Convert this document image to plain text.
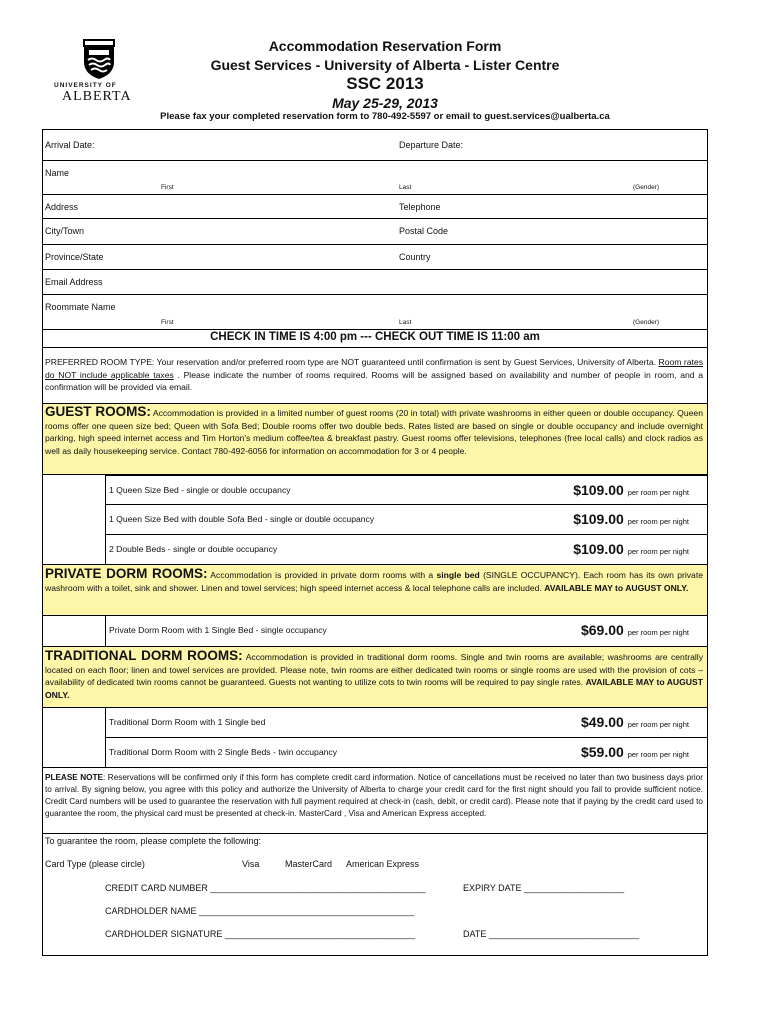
UNIVERSITY OF
ALBERTA
Accommodation Reservation Form
Guest Services - University of Alberta - Lister Centre
SSC 2013
May 25-29, 2013
Please fax your completed reservation form to 780-492-5597 or email to guest.services@ualberta.ca
Arrival Date:	Departure Date:
Name
First	Last	(Gender)
Address	Telephone
City/Town	Postal Code
Province/State	Country
Email Address
Roommate Name
First	Last	(Gender)
CHECK IN TIME IS 4:00 pm --- CHECK OUT TIME IS 11:00 am
PREFERRED ROOM TYPE: Your reservation and/or preferred room type are NOT guaranteed until confirmation is sent by Guest Services, University of Alberta. Room rates do NOT include applicable taxes . Please indicate the number of rooms required. Rooms will be assigned based on availability and number of people in room, and a confirmation will be provided via email.
GUEST ROOMS: Accommodation is provided in a limited number of guest rooms (20 in total) with private washrooms in either queen or double occupancy. Queen rooms offer one queen size bed; Queen with Sofa Bed; Double rooms offer two double beds. Rates listed are based on single or double occupancy and include overnight parking, high speed internet access and Tim Horton's medium coffee/tea & breakfast pastry. Guest rooms offer televisions, telephones (free local calls) and clock radios as well as daily housekeeping service. Contact 780-492-6056 for information on accommodation for 3 or 4 people.
1 Queen Size Bed - single or double occupancy	$109.00 per room per night
1 Queen Size Bed with double Sofa Bed - single or double occupancy	$109.00 per room per night
2 Double Beds - single or double occupancy	$109.00 per room per night
PRIVATE DORM ROOMS: Accommodation is provided in private dorm rooms with a single bed (SINGLE OCCUPANCY). Each room has its own private washroom with a toilet, sink and shower. Linen and towel services; high speed internet access & local telephone calls are included. AVAILABLE MAY to AUGUST ONLY.
Private Dorm Room with 1 Single Bed - single occupancy	$69.00 per room per night
TRADITIONAL DORM ROOMS: Accommodation is provided in traditional dorm rooms. Single and twin rooms are available; washrooms are centrally located on each floor; linen and towel services are provided. Please note, twin rooms are either dedicated twin rooms or single rooms are used with the provision of cots – availability of dedicated twin rooms cannot be guaranteed. Guests not wanting to utilize cots to twin rooms will be required to pay single rates. AVAILABLE MAY to AUGUST ONLY.
Traditional Dorm Room with 1 Single bed	$49.00 per room per night
Traditional Dorm Room with 2 Single Beds - twin occupancy	$59.00 per room per night
PLEASE NOTE: Reservations will be confirmed only if this form has complete credit card information. Notice of cancellations must be received no later than two business days prior to arrival. By signing below, you agree with this policy and authorize the University of Alberta to charge your credit card for the first night should you fail to provide sufficient notice. Credit Card numbers will be used to guarantee the reservation with full payment required at check-in (cash, debit, or credit card). Please note that if paying by the credit card used to guarantee the room, the physical card must be presented at check-in. MasterCard , Visa and American Express accepted.
To guarantee the room, please complete the following:
Card Type (please circle)	Visa	MasterCard American Express
CREDIT CARD NUMBER ___________________________________________	EXPIRY DATE ____________________
CARDHOLDER NAME ___________________________________________
CARDHOLDER SIGNATURE ______________________________________	DATE ______________________________
